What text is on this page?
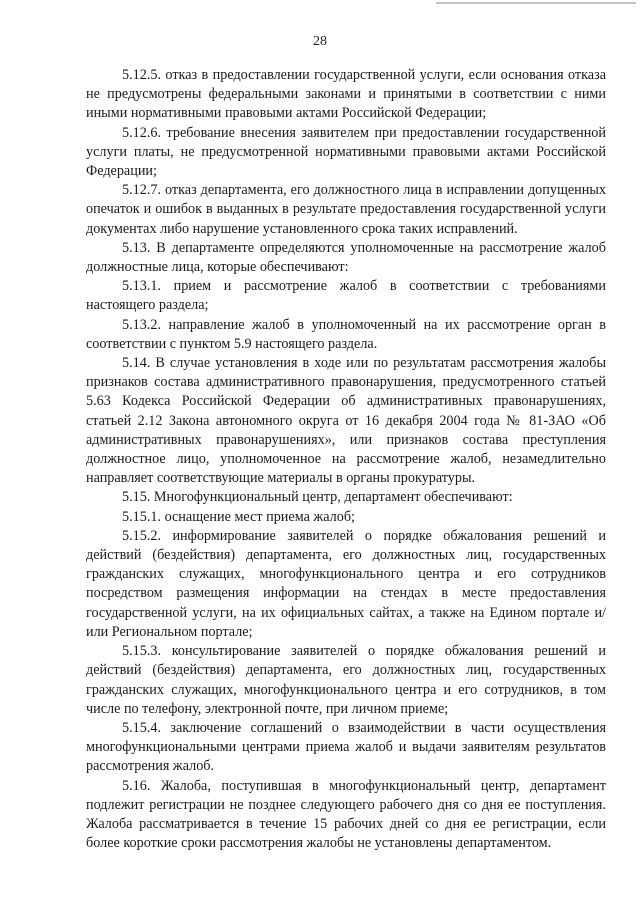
28

5.12.5. отказ в предоставлении государственной услуги, если основания отказа не предусмотрены федеральными законами и принятыми в соответствии с ними иными нормативными правовыми актами Российской Федерации;

5.12.6. требование внесения заявителем при предоставлении государственной услуги платы, не предусмотренной нормативными правовыми актами Российской Федерации;

5.12.7. отказ департамента, его должностного лица в исправлении допущенных опечаток и ошибок в выданных в результате предоставления государственной услуги документах либо нарушение установленного срока таких исправлений.

5.13. В департаменте определяются уполномоченные на рассмотрение жалоб должностные лица, которые обеспечивают:

5.13.1. прием и рассмотрение жалоб в соответствии с требованиями настоящего раздела;

5.13.2. направление жалоб в уполномоченный на их рассмотрение орган в соответствии с пунктом 5.9 настоящего раздела.

5.14. В случае установления в ходе или по результатам рассмотрения жалобы признаков состава административного правонарушения, предусмотренного статьей 5.63 Кодекса Российской Федерации об административных правонарушениях, статьей 2.12 Закона автономного округа от 16 декабря 2004 года № 81-ЗАО «Об административных правонарушениях», или признаков состава преступления должностное лицо, уполномоченное на рассмотрение жалоб, незамедлительно направляет соответствующие материалы в органы прокуратуры.

5.15. Многофункциональный центр, департамент обеспечивают:

5.15.1. оснащение мест приема жалоб;

5.15.2. информирование заявителей о порядке обжалования решений и действий (бездействия) департамента, его должностных лиц, государственных гражданских служащих, многофункционального центра и его сотрудников посредством размещения информации на стендах в месте предоставления государственной услуги, на их официальных сайтах, а также на Едином портале и/или Региональном портале;

5.15.3. консультирование заявителей о порядке обжалования решений и действий (бездействия) департамента, его должностных лиц, государственных гражданских служащих, многофункционального центра и его сотрудников, в том числе по телефону, электронной почте, при личном приеме;

5.15.4. заключение соглашений о взаимодействии в части осуществления многофункциональными центрами приема жалоб и выдачи заявителям результатов рассмотрения жалоб.

5.16. Жалоба, поступившая в многофункциональный центр, департамент подлежит регистрации не позднее следующего рабочего дня со дня ее поступления. Жалоба рассматривается в течение 15 рабочих дней со дня ее регистрации, если более короткие сроки рассмотрения жалобы не установлены департаментом.
